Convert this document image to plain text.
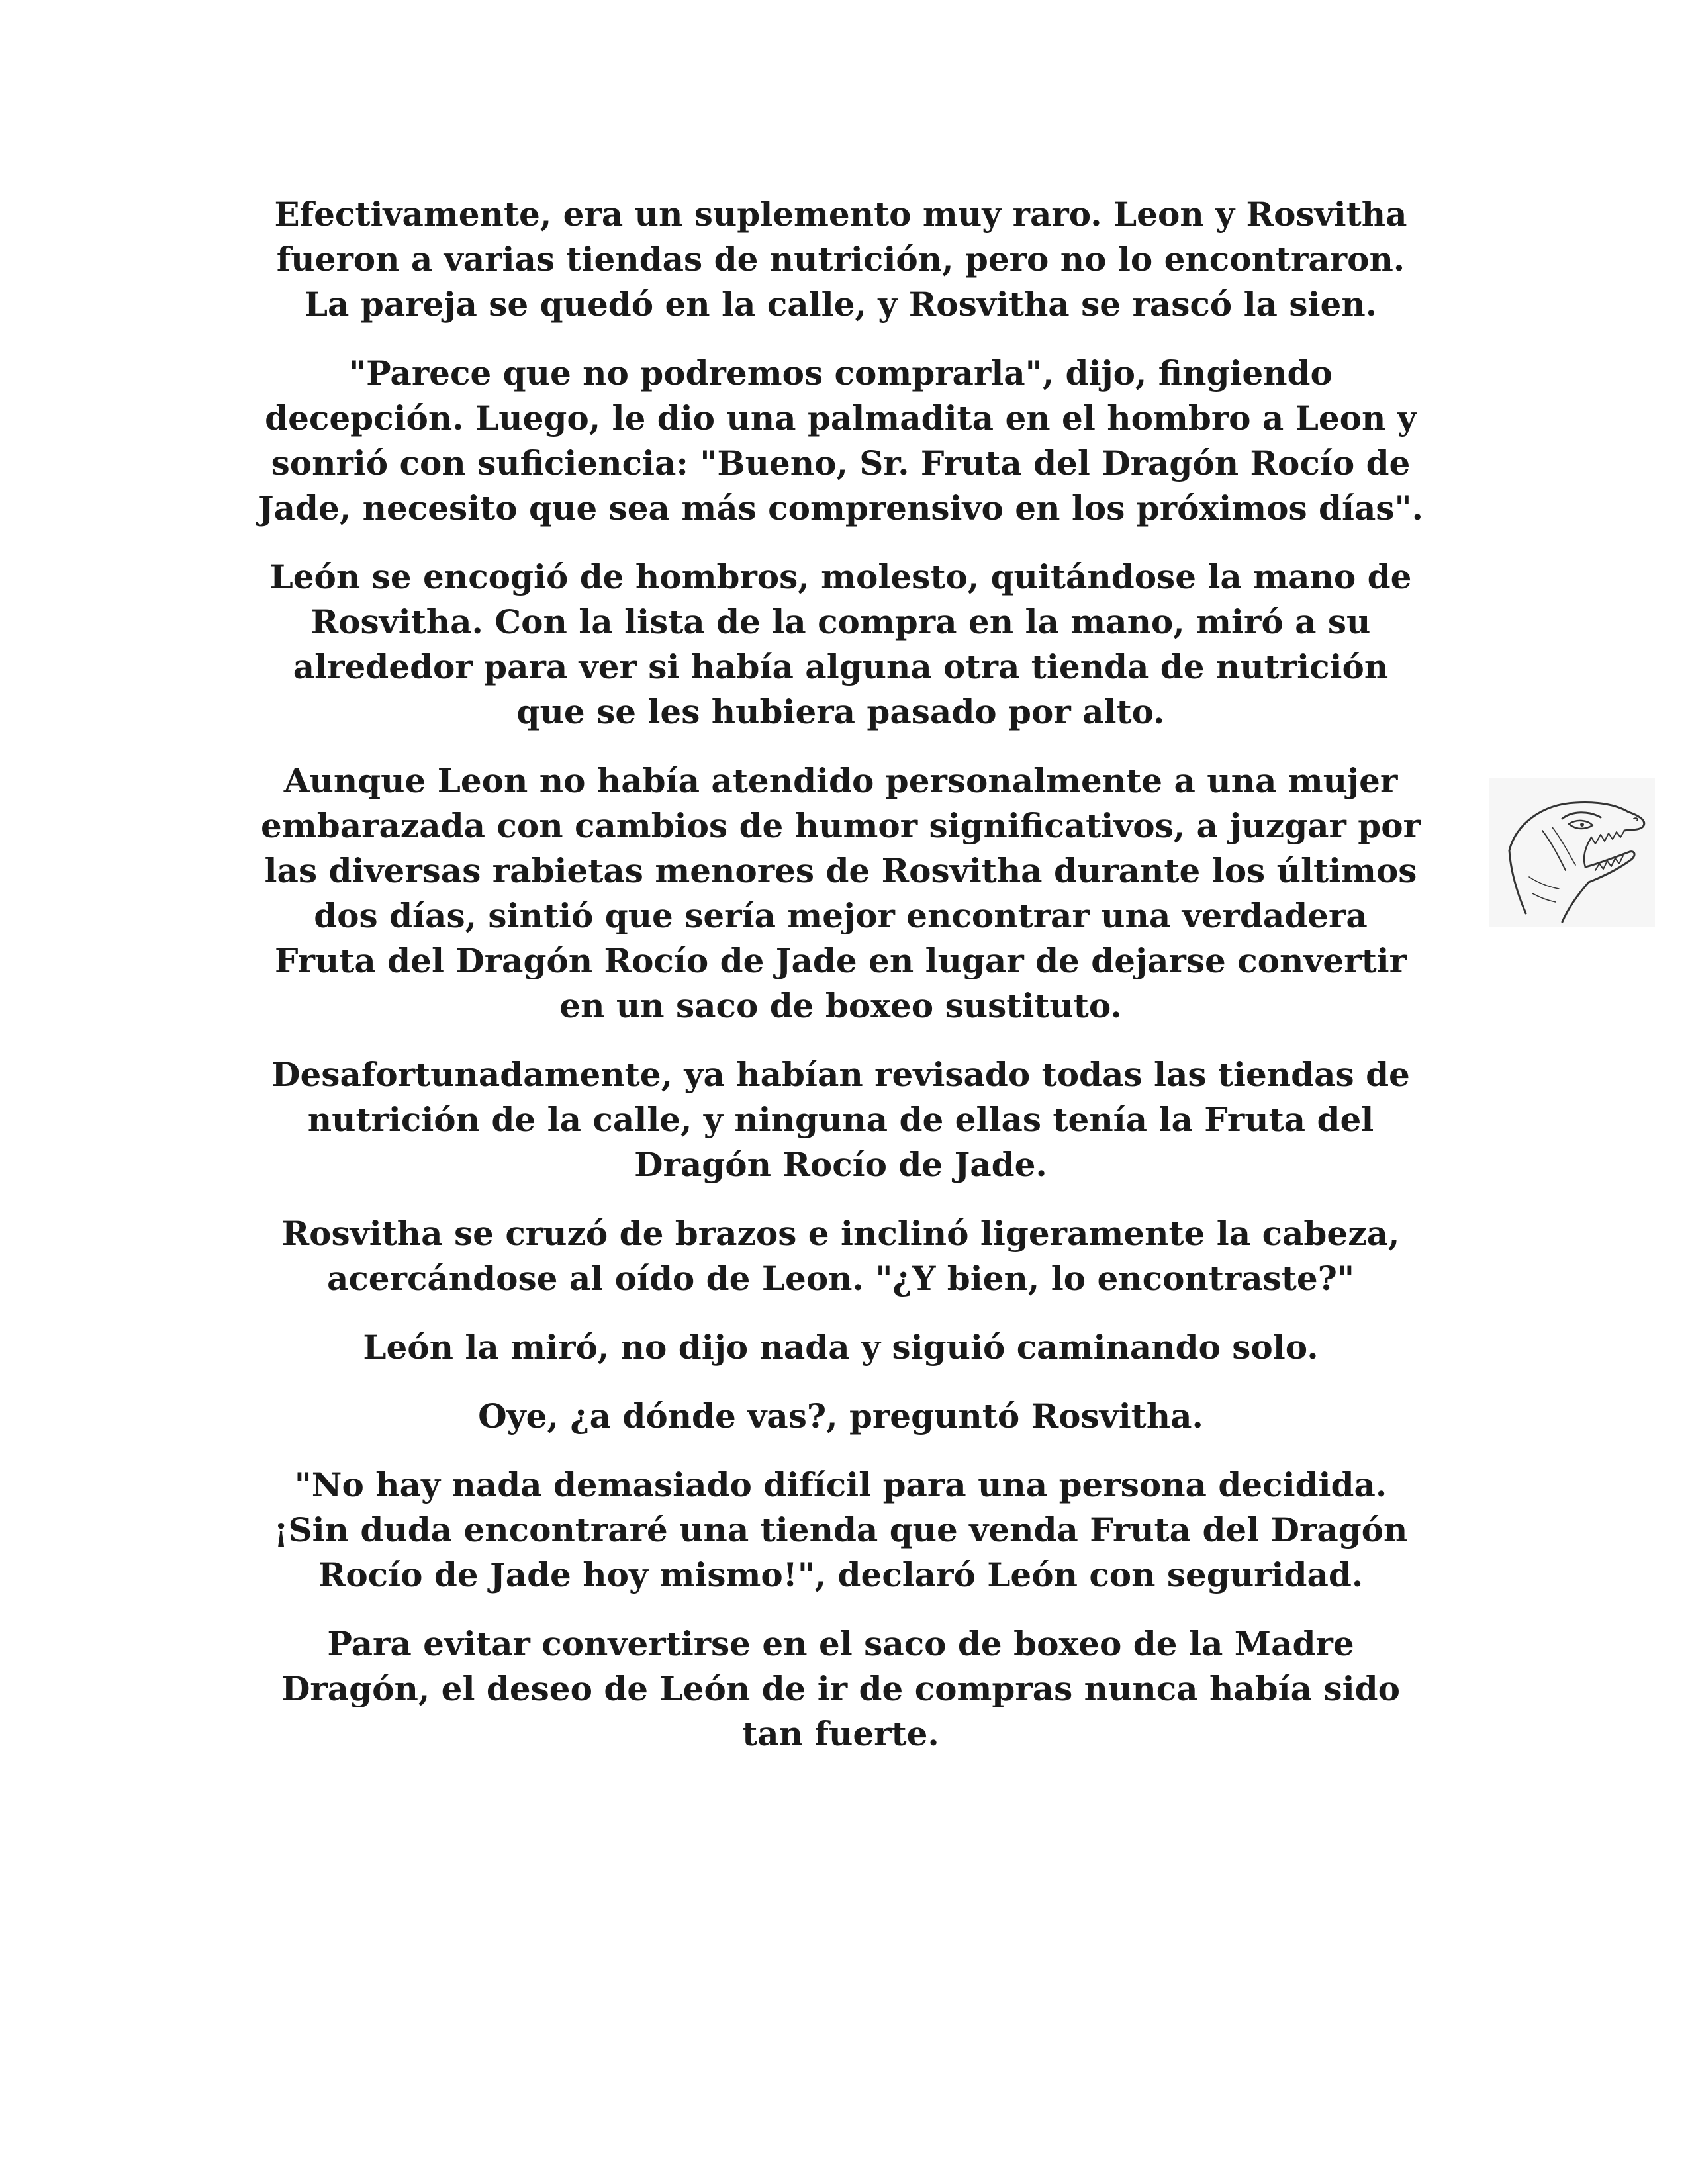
Efectivamente, era un suplemento muy raro. Leon y Rosvitha
fueron a varias tiendas de nutrición, pero no lo encontraron.
La pareja se quedó en la calle, y Rosvitha se rascó la sien.

"Parece que no podremos comprarla", dijo, fingiendo
decepción. Luego, le dio una palmadita en el hombro a Leon y
sonrió con suficiencia: "Bueno, Sr. Fruta del Dragón Rocío de
Jade, necesito que sea más comprensivo en los próximos días".

León se encogió de hombros, molesto, quitándose la mano de
Rosvitha. Con la lista de la compra en la mano, miró a su
alrededor para ver si había alguna otra tienda de nutrición
que se les hubiera pasado por alto.

Aunque Leon no había atendido personalmente a una mujer
embarazada con cambios de humor significativos, a juzgar por
las diversas rabietas menores de Rosvitha durante los últimos
dos días, sintió que sería mejor encontrar una verdadera
Fruta del Dragón Rocío de Jade en lugar de dejarse convertir
en un saco de boxeo sustituto.

Desafortunadamente, ya habían revisado todas las tiendas de
nutrición de la calle, y ninguna de ellas tenía la Fruta del
Dragón Rocío de Jade.

Rosvitha se cruzó de brazos e inclinó ligeramente la cabeza,
acercándose al oído de Leon. "¿Y bien, lo encontraste?"

León la miró, no dijo nada y siguió caminando solo.

Oye, ¿a dónde vas?, preguntó Rosvitha.

"No hay nada demasiado difícil para una persona decidida.
¡Sin duda encontraré una tienda que venda Fruta del Dragón
Rocío de Jade hoy mismo!", declaró León con seguridad.

Para evitar convertirse en el saco de boxeo de la Madre
Dragón, el deseo de León de ir de compras nunca había sido
tan fuerte.
